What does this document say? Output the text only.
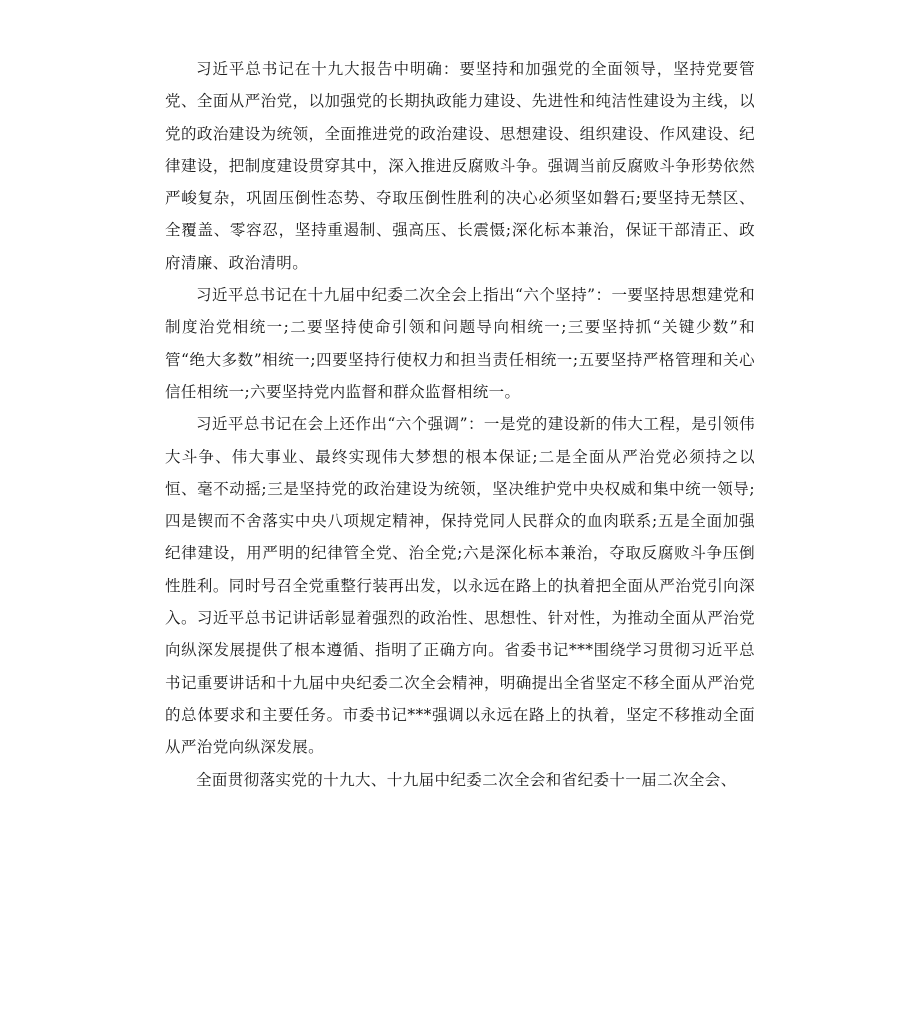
习近平总书记在十九大报告中明确：要坚持和加强党的全面领导，坚持党要管党、全面从严治党，以加强党的长期执政能力建设、先进性和纯洁性建设为主线，以党的政治建设为统领，全面推进党的政治建设、思想建设、组织建设、作风建设、纪律建设，把制度建设贯穿其中，深入推进反腐败斗争。强调当前反腐败斗争形势依然严峻复杂，巩固压倒性态势、夺取压倒性胜利的决心必须坚如磐石;要坚持无禁区、全覆盖、零容忍，坚持重遏制、强高压、长震慑;深化标本兼治，保证干部清正、政府清廉、政治清明。

习近平总书记在十九届中纪委二次全会上指出“六个坚持”：一要坚持思想建党和制度治党相统一;二要坚持使命引领和问题导向相统一;三要坚持抓“关键少数”和管“绝大多数”相统一;四要坚持行使权力和担当责任相统一;五要坚持严格管理和关心信任相统一;六要坚持党内监督和群众监督相统一。

习近平总书记在会上还作出“六个强调”：一是党的建设新的伟大工程，是引领伟大斗争、伟大事业、最终实现伟大梦想的根本保证;二是全面从严治党必须持之以恒、毫不动摇;三是坚持党的政治建设为统领，坚决维护党中央权威和集中统一领导;四是锲而不舍落实中央八项规定精神，保持党同人民群众的血肉联系;五是全面加强纪律建设，用严明的纪律管全党、治全党;六是深化标本兼治，夺取反腐败斗争压倒性胜利。同时号召全党重整行装再出发，以永远在路上的执着把全面从严治党引向深入。习近平总书记讲话彰显着强烈的政治性、思想性、针对性，为推动全面从严治党向纵深发展提供了根本遵循、指明了正确方向。省委书记***围绕学习贯彻习近平总书记重要讲话和十九届中央纪委二次全会精神，明确提出全省坚定不移全面从严治党的总体要求和主要任务。市委书记***强调以永远在路上的执着，坚定不移推动全面从严治党向纵深发展。

全面贯彻落实党的十九大、十九届中纪委二次全会和省纪委十一届二次全会、
